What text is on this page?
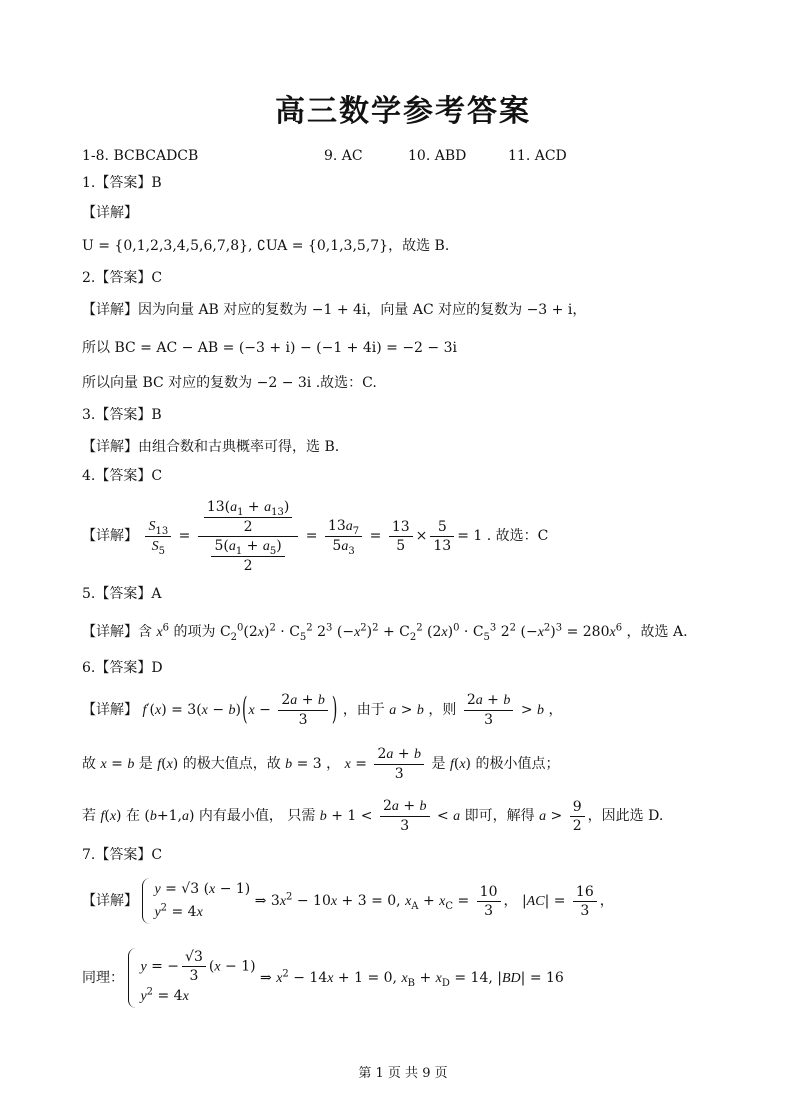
高三数学参考答案
1-8. BCBCADCB	9. AC	10. ABD	11. ACD
1.【答案】B
【详解】
U = {0,1,2,3,4,5,6,7,8}, ∁UA = {0,1,3,5,7}，故选 B.
2.【答案】C
【详解】因为向量 AB 对应的复数为 −1 + 4i，向量 AC 对应的复数为 −3 + i，
所以 BC = AC − AB = (−3 + i) − (−1 + 4i) = −2 − 3i
所以向量 BC 对应的复数为 −2 − 3i .故选：C.
3.【答案】B
【详解】由组合数和古典概率可得，选 B.
4.【答案】C
【详解】 $\frac{S_{13}}{S_5} = \frac{\frac{13(a_1 + a_{13})}{2}}{\frac{5(a_1 + a_5)}{2}} = \frac{13a_7}{5a_3} = \frac{13}{5} \times \frac{5}{13} = 1$ . 故选：C
5.【答案】A
【详解】含 $x^6$ 的项为 $C_2^0(2x)^2 \cdot C_5^2$ $2^3$ $(-x^2)^2 + C_2^2$ $(2x)^0 \cdot C_5^3$ $2^2$ $(-x^2)^3 = 280x^6$ ，故选 A.
6.【答案】D
【详解】 $f'(x) = 3(x - b)(x - \frac{2a + b}{3}$ ) ，由于 a > b ，则 $\frac{2a + b}{3} > b$ ，
故 x = b 是 f(x) 的极大值点，故 b = 3 ， $x = \frac{2a + b}{3}$ 是 f(x) 的极小值点；
若 f(x) 在 (b+1,a) 内有最小值， 只需 $b + 1 < \frac{2a + b}{3} < a$ 即可，解得 $a > \frac{9}{2}$ ，因此选 D.
7.【答案】C
【详解】
y = √3 (x − 1)
$y^2 = 4x$
⇒ $3x^2 - 10x + 3 = 0$, $x_A + x_C = \frac{10}{3}$ ， $|AC| = \frac{16}{3}$ ，
同理：
y = − $\frac{√3}{3} (x - 1)$
$y^2 = 4x$
⇒ $x^2 - 14x + 1 = 0$, $x_B + x_D = 14$, |BD| = 16
第 1 页 共 9 页
